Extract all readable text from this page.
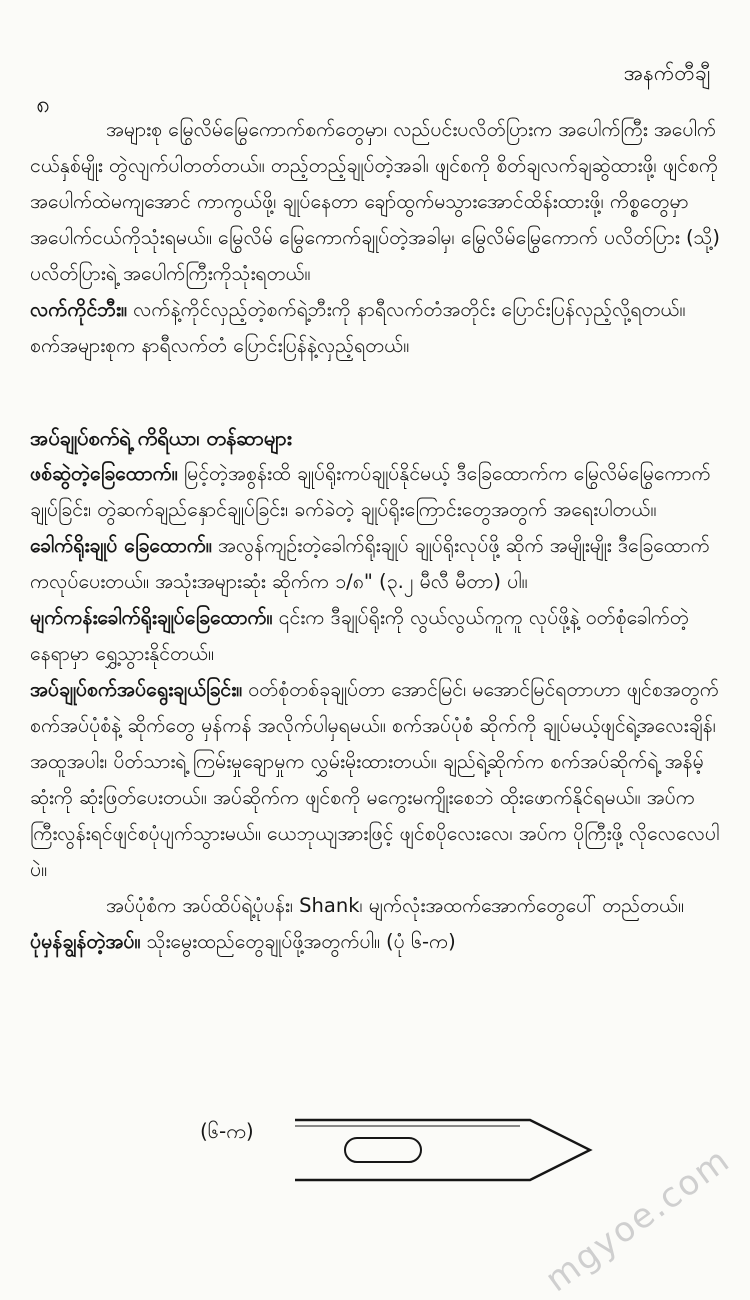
၈
အနက်တီချီ

အများစု မြွေလိမ်မြွေကောက်စက်တွေမှာ၊ လည်ပင်းပလိတ်ပြားက အပေါက်ကြီး အပေါက်ငယ်နှစ်မျိုး တွဲလျက်ပါတတ်တယ်။ တည့်တည့်ချုပ်တဲ့အခါ၊ ဖျင်စကို စိတ်ချလက်ချဆွဲထားဖို့၊ ဖျင်စကို အပေါက်ထဲမကျအောင် ကာကွယ်ဖို့၊ ချုပ်နေတာ ချော်ထွက်မသွားအောင်ထိန်းထားဖို့၊ ကိစ္စတွေမှာ အပေါက်ငယ်ကိုသုံးရမယ်။ မြွေလိမ် မြွေကောက်ချုပ်တဲ့အခါမှ၊ မြွေလိမ်မြွေကောက် ပလိတ်ပြား (သို့) ပလိတ်ပြားရဲ့ အပေါက်ကြီးကိုသုံးရတယ်။

လက်ကိုင်ဘီး။ လက်နဲ့ကိုင်လှည့်တဲ့စက်ရဲ့ဘီးကို နာရီလက်တံအတိုင်း ပြောင်းပြန်လှည့်လို့ရတယ်။ စက်အများစုက နာရီလက်တံ ပြောင်းပြန်နဲ့လှည့်ရတယ်။

အပ်ချုပ်စက်ရဲ့ ကိရိယာ၊ တန်ဆာများ

ဖစ်ဆွဲတဲ့ခြေထောက်။ မြင့်တဲ့အစွန်းထိ ချုပ်ရိုးကပ်ချုပ်နိုင်မယ့် ဒီခြေထောက်က မြွေလိမ်မြွေကောက်ချုပ်ခြင်း၊ တွဲဆက်ချည်နှောင်ချုပ်ခြင်း၊ ခက်ခဲတဲ့ ချုပ်ရိုးကြောင်းတွေအတွက် အရေးပါတယ်။

ခေါက်ရိုးချုပ် ခြေထောက်။ အလွန်ကျဉ်းတဲ့ခေါက်ရိုးချုပ် ချုပ်ရိုးလုပ်ဖို့ ဆိုက် အမျိုးမျိုး ဒီခြေထောက်ကလုပ်ပေးတယ်။ အသုံးအများဆုံး ဆိုက်က ၁/၈" (၃.၂ မီလီ မီတာ) ပါ။

မျက်ကန်းခေါက်ရိုးချုပ်ခြေထောက်။ ၎င်းက ဒီချုပ်ရိုးကို လွယ်လွယ်ကူကူ လုပ်ဖို့နဲ့ ဝတ်စုံခေါက်တဲ့နေရာမှာ ရွှေ့သွားနိုင်တယ်။

အပ်ချုပ်စက်အပ်ရွေးချယ်ခြင်း။ ဝတ်စုံတစ်ခုချုပ်တာ အောင်မြင်၊ မအောင်မြင်ရတာဟာ ဖျင်စအတွက် စက်အပ်ပုံစံနဲ့ ဆိုက်တွေ မှန်ကန် အလိုက်ပါမှရမယ်။ စက်အပ်ပုံစံ ဆိုက်ကို ချုပ်မယ့်ဖျင်ရဲ့အလေးချိန်၊ အထူအပါး၊ ပိတ်သားရဲ့ ကြမ်းမှုချောမှုက လွှမ်းမိုးထားတယ်။ ချည်ရဲ့ဆိုက်က စက်အပ်ဆိုက်ရဲ့ အနိမ့်ဆုံးကို ဆုံးဖြတ်ပေးတယ်။ အပ်ဆိုက်က ဖျင်စကို မကွေးမကျိုးစေဘဲ ထိုးဖောက်နိုင်ရမယ်။ အပ်ကကြီးလွန်းရင်ဖျင်စပုံပျက်သွားမယ်။ ယေဘုယျအားဖြင့် ဖျင်စပိုလေးလေ၊ အပ်က ပိုကြီးဖို့ လိုလေလေပါပဲ။

အပ်ပုံစံက အပ်ထိပ်ရဲ့ပုံပန်း၊ Shank၊ မျက်လုံးအထက်အောက်တွေပေါ် တည်တယ်။

ပုံမှန်ချွန်တဲ့အပ်။ သိုးမွေးထည်တွေချုပ်ဖို့အတွက်ပါ။ (ပုံ ၆-က)

(၆-က)
mgyoe.com
